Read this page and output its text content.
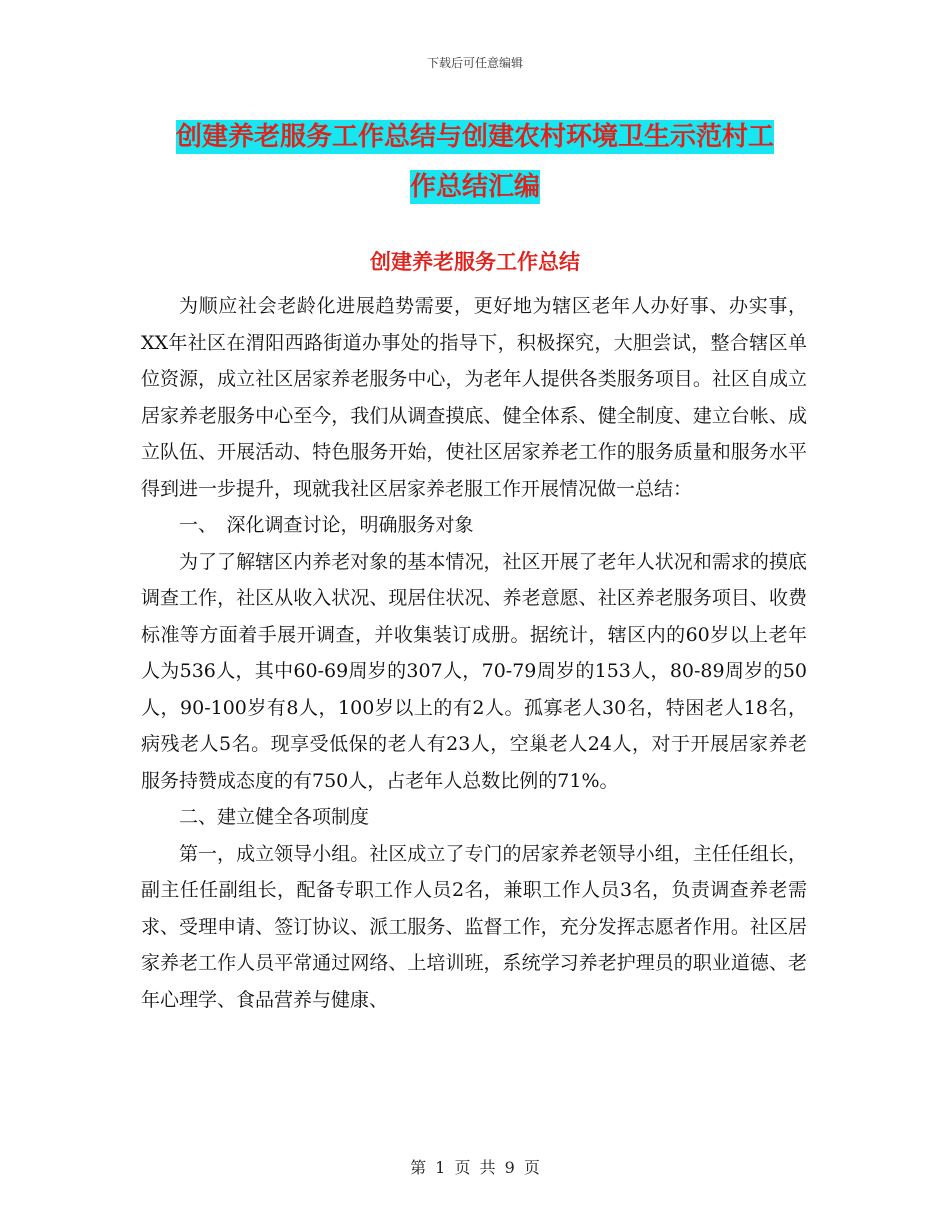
下载后可任意编辑
创建养老服务工作总结与创建农村环境卫生示范村工
作总结汇编
创建养老服务工作总结

为顺应社会老龄化进展趋势需要，更好地为辖区老年人办好事、办实事，XX年社区在渭阳西路街道办事处的指导下，积极探究，大胆尝试，整合辖区单位资源，成立社区居家养老服务中心，为老年人提供各类服务项目。社区自成立居家养老服务中心至今，我们从调查摸底、健全体系、健全制度、建立台帐、成立队伍、开展活动、特色服务开始，使社区居家养老工作的服务质量和服务水平得到进一步提升，现就我社区居家养老服工作开展情况做一总结：

一、　深化调查讨论，明确服务对象

为了了解辖区内养老对象的基本情况，社区开展了老年人状况和需求的摸底调查工作，社区从收入状况、现居住状况、养老意愿、社区养老服务项目、收费标准等方面着手展开调查，并收集装订成册。据统计，辖区内的60岁以上老年人为536人，其中60-69周岁的307人，70-79周岁的153人，80-89周岁的50人，90-100岁有8人，100岁以上的有2人。孤寡老人30名，特困老人18名，病残老人5名。现享受低保的老人有23人，空巢老人24人，对于开展居家养老服务持赞成态度的有750人，占老年人总数比例的71%。

二、建立健全各项制度

第一，成立领导小组。社区成立了专门的居家养老领导小组，主任任组长，副主任任副组长，配备专职工作人员2名，兼职工作人员3名，负责调查养老需求、受理申请、签订协议、派工服务、监督工作，充分发挥志愿者作用。社区居家养老工作人员平常通过网络、上培训班，系统学习养老护理员的职业道德、老年心理学、食品营养与健康、

第 1 页 共 9 页
